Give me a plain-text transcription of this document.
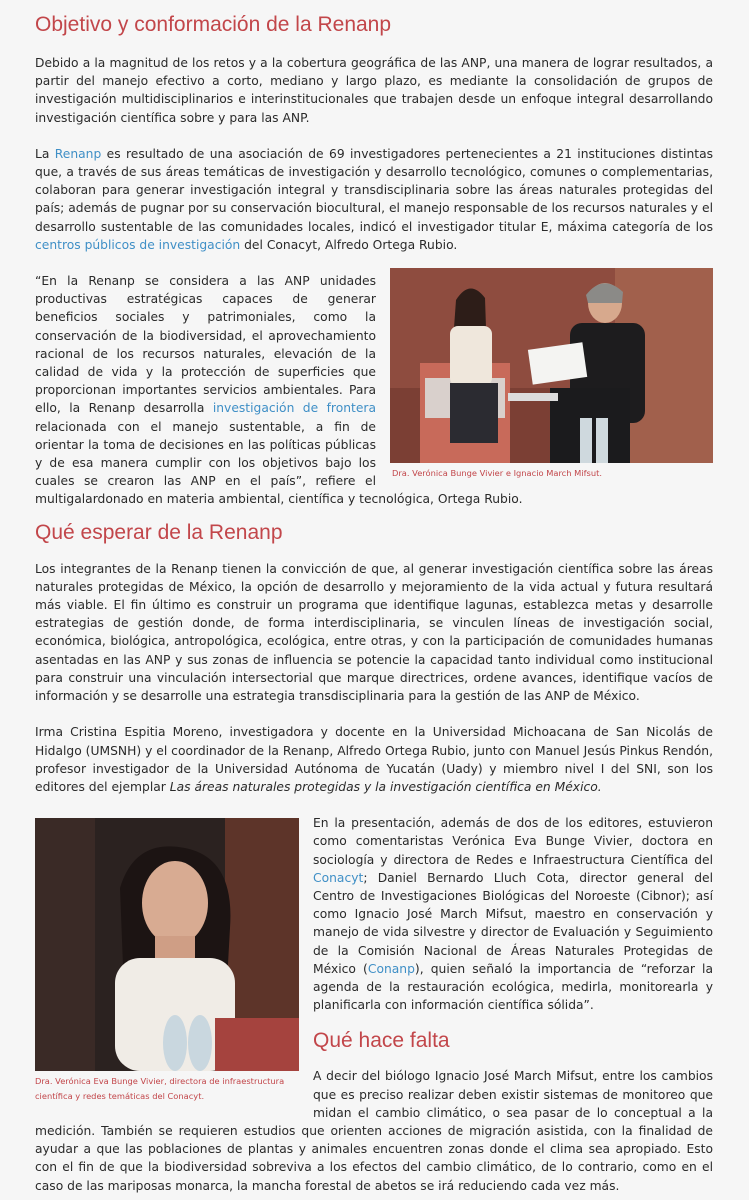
Objetivo y conformación de la Renanp

Debido a la magnitud de los retos y a la cobertura geográfica de las ANP, una manera de lograr resultados, a partir del manejo efectivo a corto, mediano y largo plazo, es mediante la consolidación de grupos de investigación multidisciplinarios e interinstitucionales que trabajen desde un enfoque integral desarrollando investigación científica sobre y para las ANP.

La Renanp es resultado de una asociación de 69 investigadores pertenecientes a 21 instituciones distintas que, a través de sus áreas temáticas de investigación y desarrollo tecnológico, comunes o complementarias, colaboran para generar investigación integral y transdisciplinaria sobre las áreas naturales protegidas del país; además de pugnar por su conservación biocultural, el manejo responsable de los recursos naturales y el desarrollo sustentable de las comunidades locales, indicó el investigador titular E, máxima categoría de los centros públicos de investigación del Conacyt, Alfredo Ortega Rubio.

Dra. Verónica Bunge Vivier e Ignacio March Mifsut.

“En la Renanp se considera a las ANP unidades productivas estratégicas capaces de generar beneficios sociales y patrimoniales, como la conservación de la biodiversidad, el aprovechamiento racional de los recursos naturales, elevación de la calidad de vida y la protección de superficies que proporcionan importantes servicios ambientales. Para ello, la Renanp desarrolla investigación de frontera relacionada con el manejo sustentable, a fin de orientar la toma de decisiones en las políticas públicas y de esa manera cumplir con los objetivos bajo los cuales se crearon las ANP en el país”, refiere el multigalardonado en materia ambiental, científica y tecnológica, Ortega Rubio.

Qué esperar de la Renanp

Los integrantes de la Renanp tienen la convicción de que, al generar investigación científica sobre las áreas naturales protegidas de México, la opción de desarrollo y mejoramiento de la vida actual y futura resultará más viable. El fin último es construir un programa que identifique lagunas, establezca metas y desarrolle estrategias de gestión donde, de forma interdisciplinaria, se vinculen líneas de investigación social, económica, biológica, antropológica, ecológica, entre otras, y con la participación de comunidades humanas asentadas en las ANP y sus zonas de influencia se potencie la capacidad tanto individual como institucional para construir una vinculación intersectorial que marque directrices, ordene avances, identifique vacíos de información y se desarrolle una estrategia transdisciplinaria para la gestión de las ANP de México.

Irma Cristina Espitia Moreno, investigadora y docente en la Universidad Michoacana de San Nicolás de Hidalgo (UMSNH) y el coordinador de la Renanp, Alfredo Ortega Rubio, junto con Manuel Jesús Pinkus Rendón, profesor investigador de la Universidad Autónoma de Yucatán (Uady) y miembro nivel I del SNI, son los editores del ejemplar Las áreas naturales protegidas y la investigación científica en México.

Dra. Verónica Eva Bunge Vivier, directora de infraestructura científica y redes temáticas del Conacyt.

En la presentación, además de dos de los editores, estuvieron como comentaristas Verónica Eva Bunge Vivier, doctora en sociología y directora de Redes e Infraestructura Científica del Conacyt; Daniel Bernardo Lluch Cota, director general del Centro de Investigaciones Biológicas del Noroeste (Cibnor); así como Ignacio José March Mifsut, maestro en conservación y manejo de vida silvestre y director de Evaluación y Seguimiento de la Comisión Nacional de Áreas Naturales Protegidas de México (Conanp), quien señaló la importancia de “reforzar la agenda de la restauración ecológica, medirla, monitorearla y planificarla con información científica sólida”.

Qué hace falta

A decir del biólogo Ignacio José March Mifsut, entre los cambios que es preciso realizar deben existir sistemas de monitoreo que midan el cambio climático, o sea pasar de lo conceptual a la medición. También se requieren estudios que orienten acciones de migración asistida, con la finalidad de ayudar a que las poblaciones de plantas y animales encuentren zonas donde el clima sea apropiado. Esto con el fin de que la biodiversidad sobreviva a los efectos del cambio climático, de lo contrario, como en el caso de las mariposas monarca, la mancha forestal de abetos se irá reduciendo cada vez más.
